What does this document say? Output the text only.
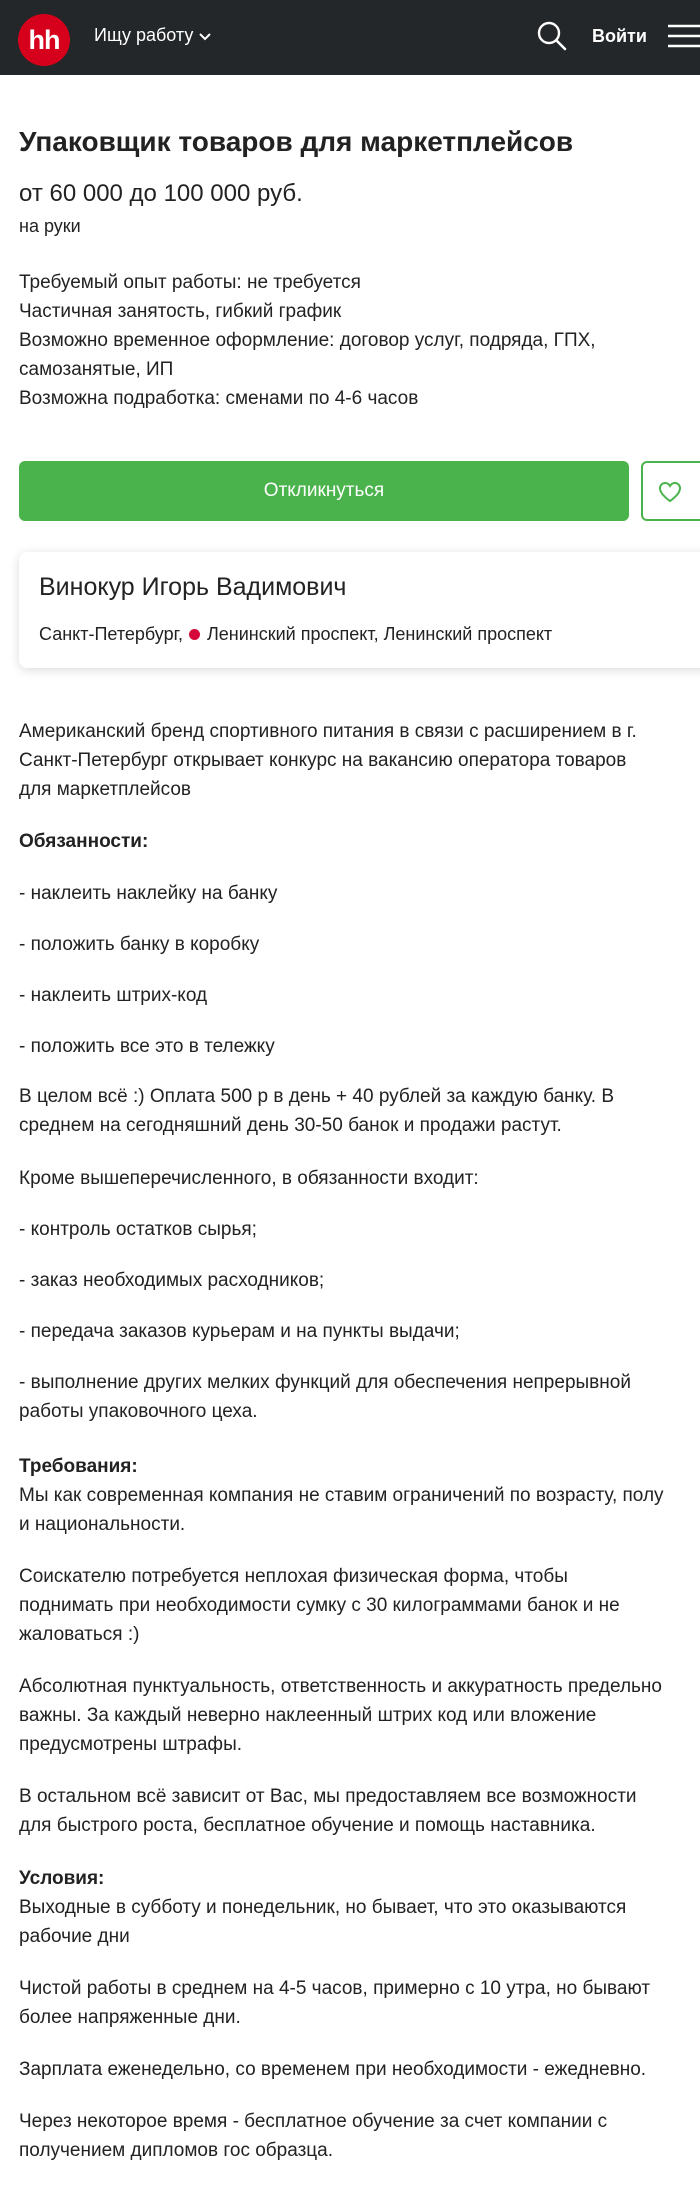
hh	Ищу работу	Войти
Упаковщик товаров для маркетплейсов
от 60 000 до 100 000 руб.
на руки
Требуемый опыт работы: не требуется
Частичная занятость, гибкий график
Возможно временное оформление: договор услуг, подряда, ГПХ,
самозанятые, ИП
Возможна подработка: сменами по 4-6 часов
Откликнуться
Винокур Игорь Вадимович
Санкт-Петербург, Ленинский проспект, Ленинский проспект

Американский бренд спортивного питания в связи с расширением в г.

Санкт-Петербург открывает конкурс на вакансию оператора товаров

для маркетплейсов

Обязанности:

- наклеить наклейку на банку

- положить банку в коробку

- наклеить штрих-код

- положить все это в тележку

В целом всё :) Оплата 500 р в день + 40 рублей за каждую банку. В

среднем на сегодняшний день 30-50 банок и продажи растут.

Кроме вышеперечисленного, в обязанности входит:

- контроль остатков сырья;

- заказ необходимых расходников;

- передача заказов курьерам и на пункты выдачи;

- выполнение других мелких функций для обеспечения непрерывной

работы упаковочного цеха.

Требования:

Мы как современная компания не ставим ограничений по возрасту, полу

и национальности.

Соискателю потребуется неплохая физическая форма, чтобы

поднимать при необходимости сумку с 30 килограммами банок и не

жаловаться :)

Абсолютная пунктуальность, ответственность и аккуратность предельно

важны. За каждый неверно наклеенный штрих код или вложение

предусмотрены штрафы.

В остальном всё зависит от Вас, мы предоставляем все возможности

для быстрого роста, бесплатное обучение и помощь наставника.

Условия:

Выходные в субботу и понедельник, но бывает, что это оказываются

рабочие дни

Чистой работы в среднем на 4-5 часов, примерно с 10 утра, но бывают

более напряженные дни.

Зарплата еженедельно, со временем при необходимости - ежедневно.

Через некоторое время - бесплатное обучение за счет компании с

получением дипломов гос образца.
